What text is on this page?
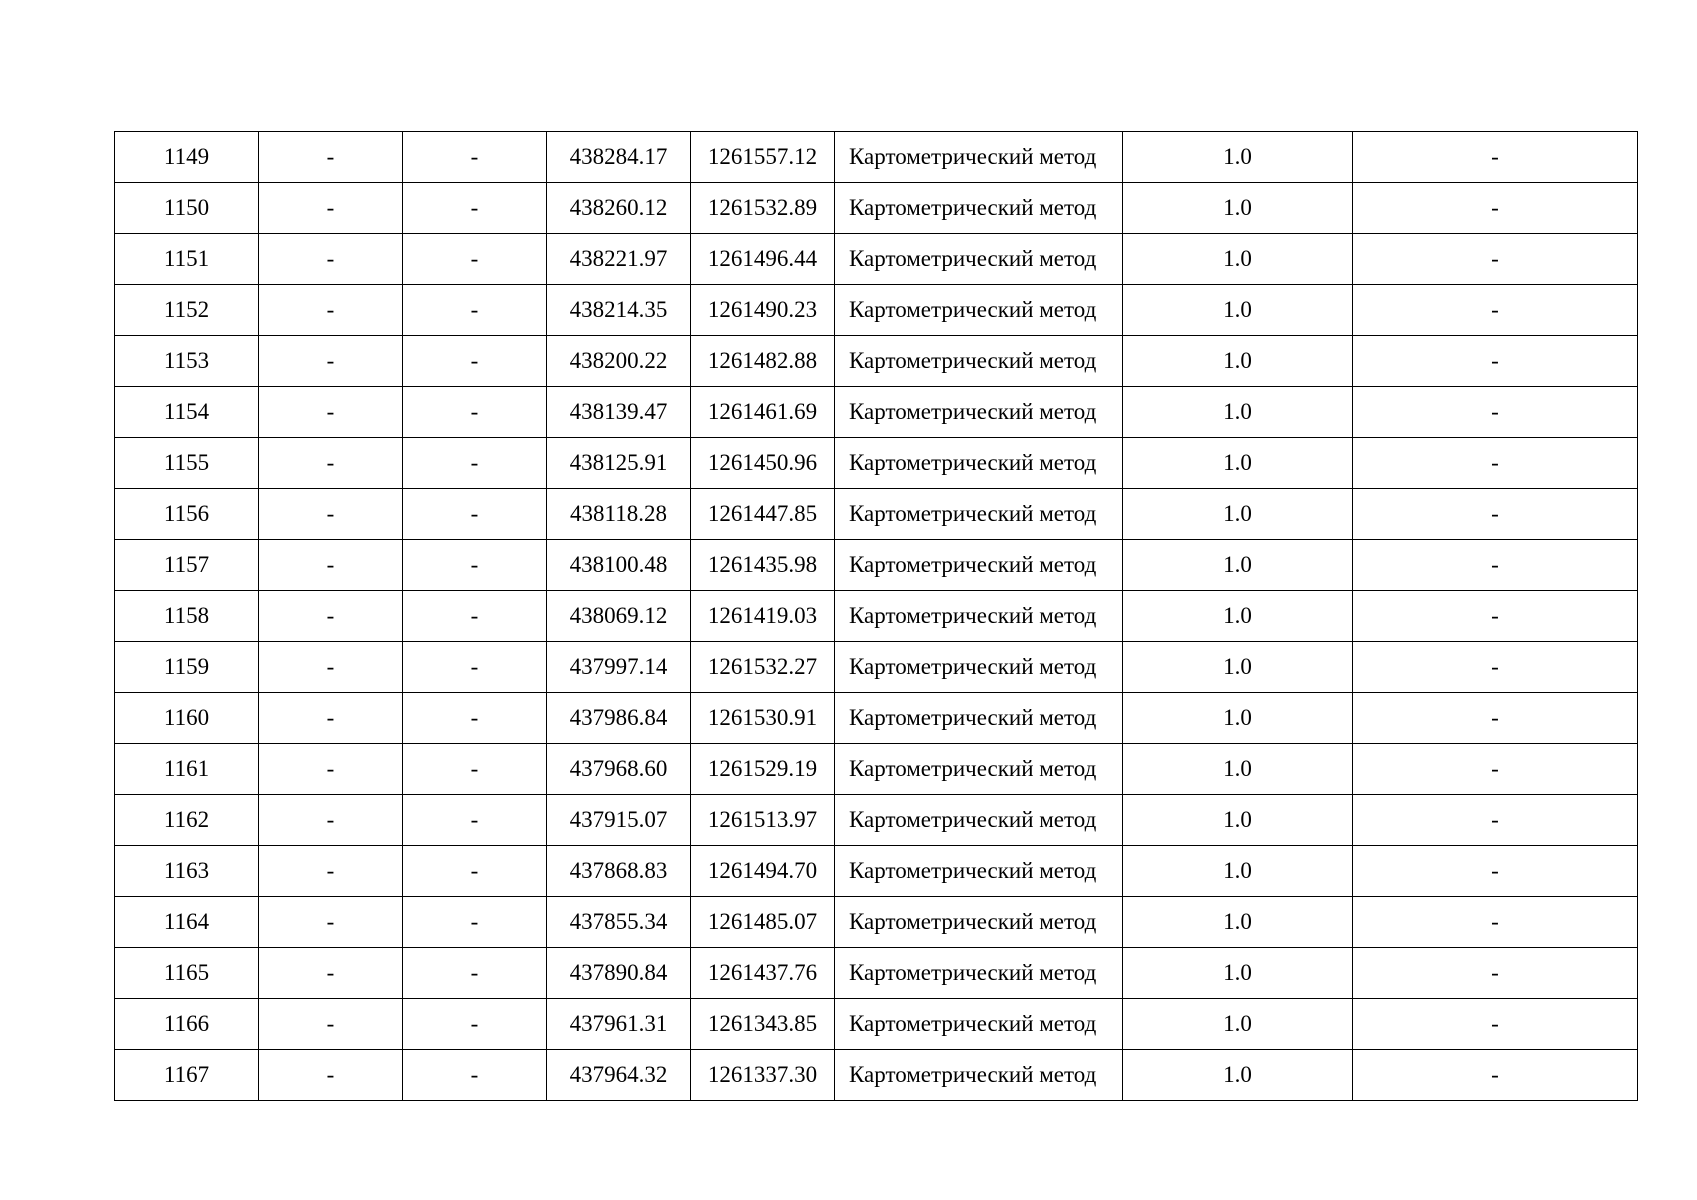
1149	-	-	438284.17	1261557.12	Картометрический метод	1.0	-
1150	-	-	438260.12	1261532.89	Картометрический метод	1.0	-
1151	-	-	438221.97	1261496.44	Картометрический метод	1.0	-
1152	-	-	438214.35	1261490.23	Картометрический метод	1.0	-
1153	-	-	438200.22	1261482.88	Картометрический метод	1.0	-
1154	-	-	438139.47	1261461.69	Картометрический метод	1.0	-
1155	-	-	438125.91	1261450.96	Картометрический метод	1.0	-
1156	-	-	438118.28	1261447.85	Картометрический метод	1.0	-
1157	-	-	438100.48	1261435.98	Картометрический метод	1.0	-
1158	-	-	438069.12	1261419.03	Картометрический метод	1.0	-
1159	-	-	437997.14	1261532.27	Картометрический метод	1.0	-
1160	-	-	437986.84	1261530.91	Картометрический метод	1.0	-
1161	-	-	437968.60	1261529.19	Картометрический метод	1.0	-
1162	-	-	437915.07	1261513.97	Картометрический метод	1.0	-
1163	-	-	437868.83	1261494.70	Картометрический метод	1.0	-
1164	-	-	437855.34	1261485.07	Картометрический метод	1.0	-
1165	-	-	437890.84	1261437.76	Картометрический метод	1.0	-
1166	-	-	437961.31	1261343.85	Картометрический метод	1.0	-
1167	-	-	437964.32	1261337.30	Картометрический метод	1.0	-
